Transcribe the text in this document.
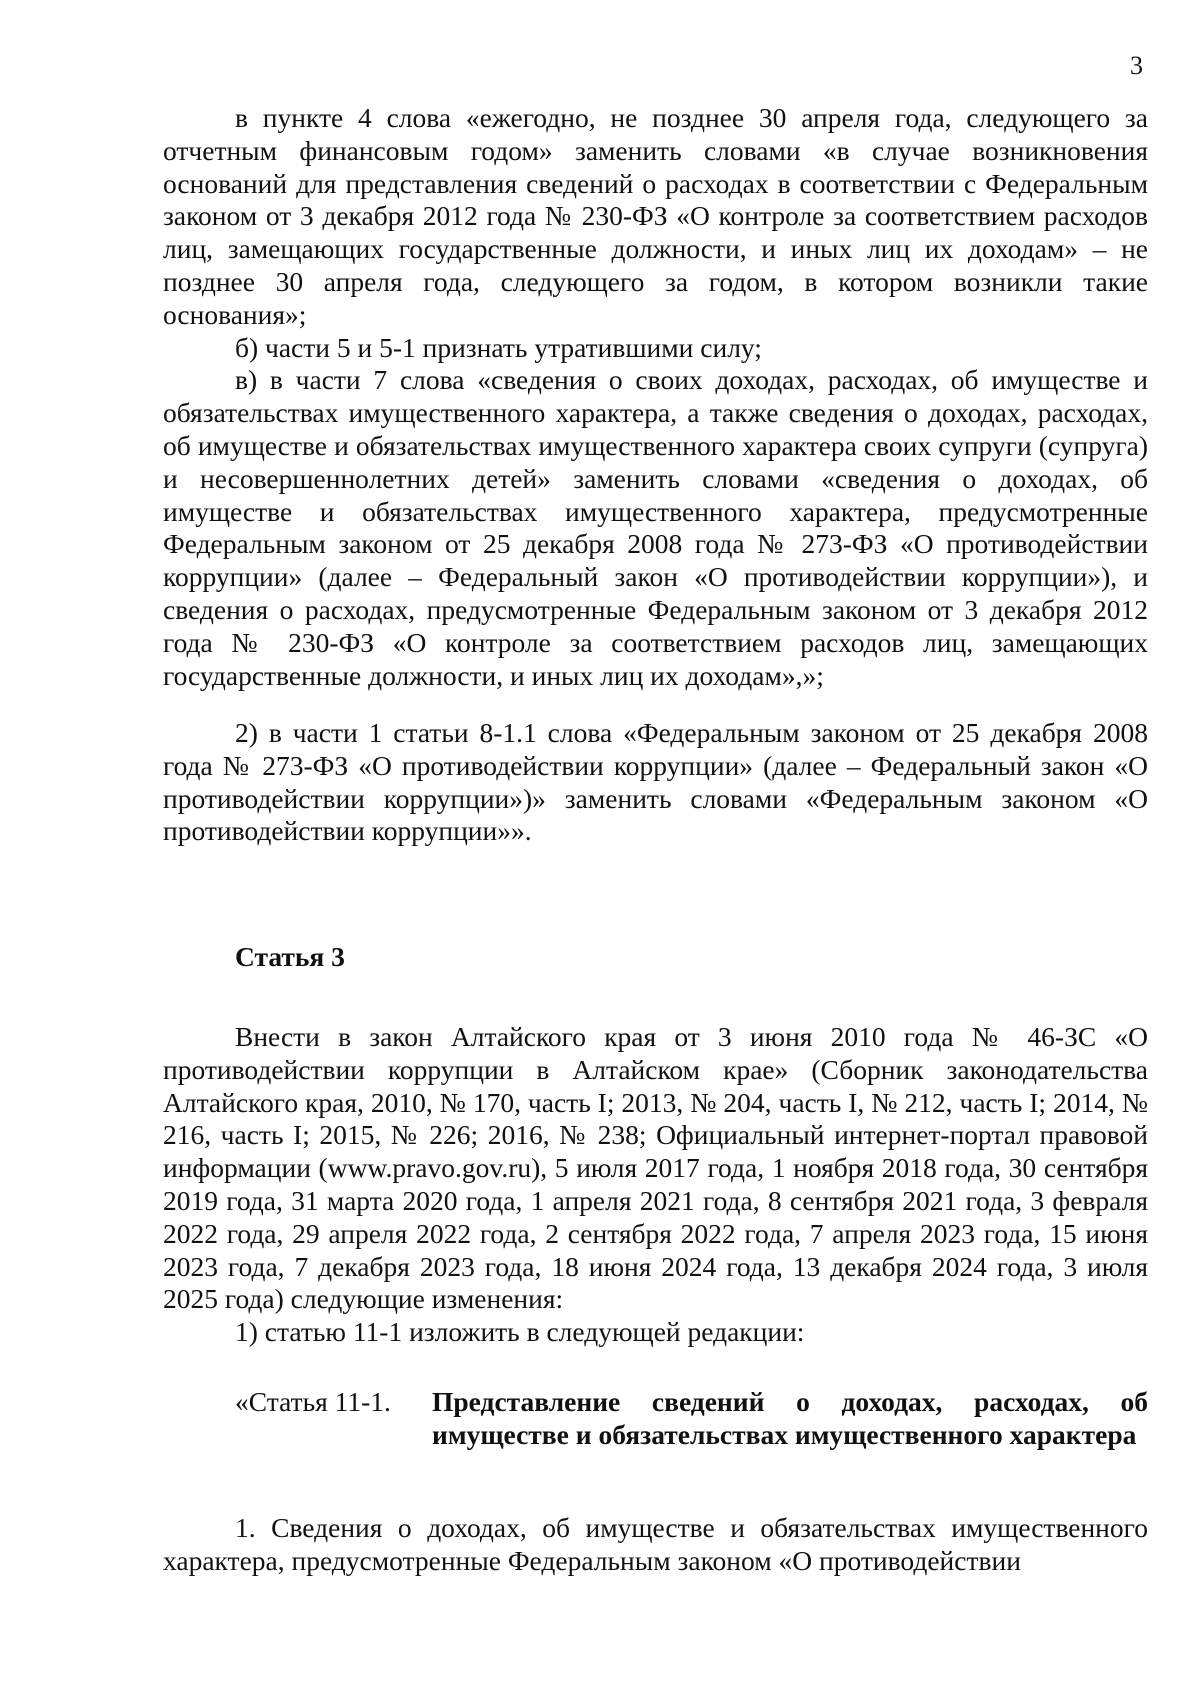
3

в пункте 4 слова «ежегодно, не позднее 30 апреля года, следующего за отчетным финансовым годом» заменить словами «в случае возникновения оснований для представления сведений о расходах в соответствии с Федеральным законом от 3 декабря 2012 года № 230-ФЗ «О контроле за соответствием расходов лиц, замещающих государственные должности, и иных лиц их доходам» – не позднее 30 апреля года, следующего за годом, в котором возникли такие основания»;

б) части 5 и 5-1 признать утратившими силу;

в) в части 7 слова «сведения о своих доходах, расходах, об имуществе и обязательствах имущественного характера, а также сведения о доходах, расходах, об имуществе и обязательствах имущественного характера своих супруги (супруга) и несовершеннолетних детей» заменить словами «сведения о доходах, об имуществе и обязательствах имущественного характера, предусмотренные Федеральным законом от 25 декабря 2008 года № 273-ФЗ «О противодействии коррупции» (далее – Федеральный закон «О противодействии коррупции»), и сведения о расходах, предусмотренные Федеральным законом от 3 декабря 2012 года № 230-ФЗ «О контроле за соответствием расходов лиц, замещающих государственные должности, и иных лиц их доходам»,»;

2) в части 1 статьи 8-1.1 слова «Федеральным законом от 25 декабря 2008 года № 273-ФЗ «О противодействии коррупции» (далее – Федеральный закон «О противодействии коррупции»)» заменить словами «Федеральным законом «О противодействии коррупции»».

Статья 3

Внести в закон Алтайского края от 3 июня 2010 года № 46-ЗС «О противодействии коррупции в Алтайском крае» (Сборник законодательства Алтайского края, 2010, № 170, часть I; 2013, № 204, часть I, № 212, часть I; 2014, № 216, часть I; 2015, № 226; 2016, № 238; Официальный интернет-портал правовой информации (www.pravo.gov.ru), 5 июля 2017 года, 1 ноября 2018 года, 30 сентября 2019 года, 31 марта 2020 года, 1 апреля 2021 года, 8 сентября 2021 года, 3 февраля 2022 года, 29 апреля 2022 года, 2 сентября 2022 года, 7 апреля 2023 года, 15 июня 2023 года, 7 декабря 2023 года, 18 июня 2024 года, 13 декабря 2024 года, 3 июля 2025 года) следующие изменения:

1) статью 11-1 изложить в следующей редакции:

«Статья 11-1.	Представление сведений о доходах, расходах, об имуществе и обязательствах имущественного характера

1. Сведения о доходах, об имуществе и обязательствах имущественного характера, предусмотренные Федеральным законом «О противодействии
